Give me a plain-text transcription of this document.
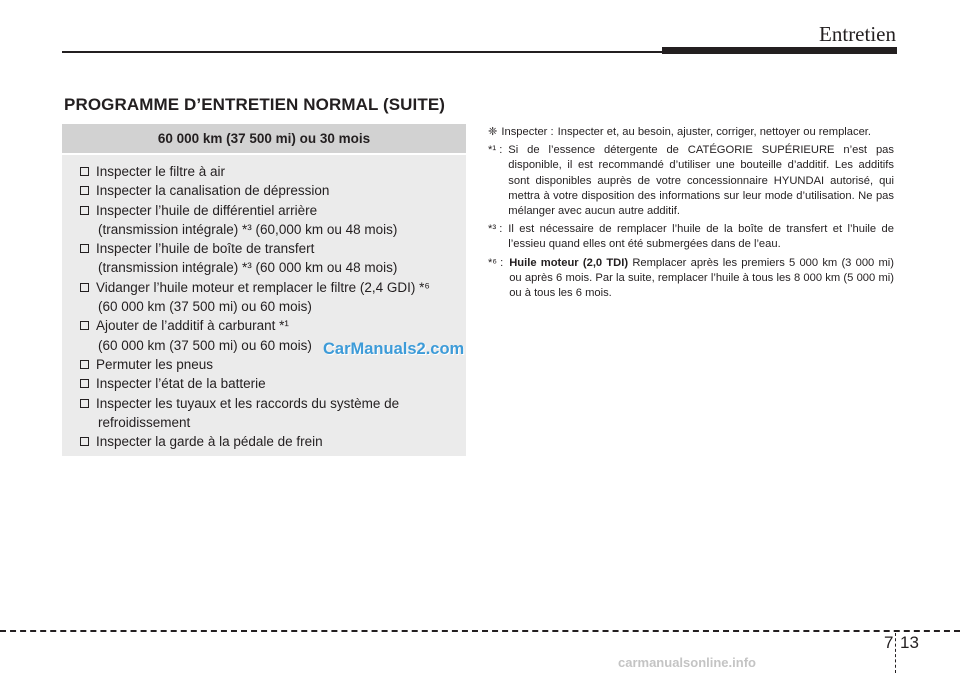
Entretien
PROGRAMME D’ENTRETIEN NORMAL (SUITE)
60 000 km (37 500 mi) ou 30 mois
Inspecter le filtre à air
Inspecter la canalisation de dépression
Inspecter l’huile de différentiel arrière
(transmission intégrale) *³ (60,000 km ou 48 mois)
Inspecter l’huile de boîte de transfert
(transmission intégrale) *³ (60 000 km ou 48 mois)
Vidanger l’huile moteur et remplacer le filtre (2,4 GDI) *⁶
(60 000 km (37 500 mi) ou 60 mois)
Ajouter de l’additif à carburant *¹
(60 000 km (37 500 mi) ou 60 mois)
Permuter les pneus
Inspecter l’état de la batterie
Inspecter les tuyaux et les raccords du système de
refroidissement
Inspecter la garde à la pédale de frein
❈ Inspecter : Inspecter et, au besoin, ajuster, corriger, nettoyer ou remplacer.
*¹ : Si de l’essence détergente de CATÉGORIE SUPÉRIEURE n’est pas disponible, il est recommandé d’utiliser une bouteille d’additif. Les additifs sont disponibles auprès de votre concessionnaire HYUNDAI autorisé, qui mettra à votre disposition des informations sur leur mode d’utilisation. Ne pas mélanger avec aucun autre additif.
*³ : Il est nécessaire de remplacer l’huile de la boîte de transfert et l’huile de l’essieu quand elles ont été submergées dans de l’eau.
*⁶ : Huile moteur (2,0 TDI) Remplacer après les premiers 5 000 km (3 000 mi) ou après 6 mois. Par la suite, remplacer l’huile à tous les 8 000 km (5 000 mi) ou à tous les 6 mois.
CarManuals2.com
7 13
carmanualsonline.info
